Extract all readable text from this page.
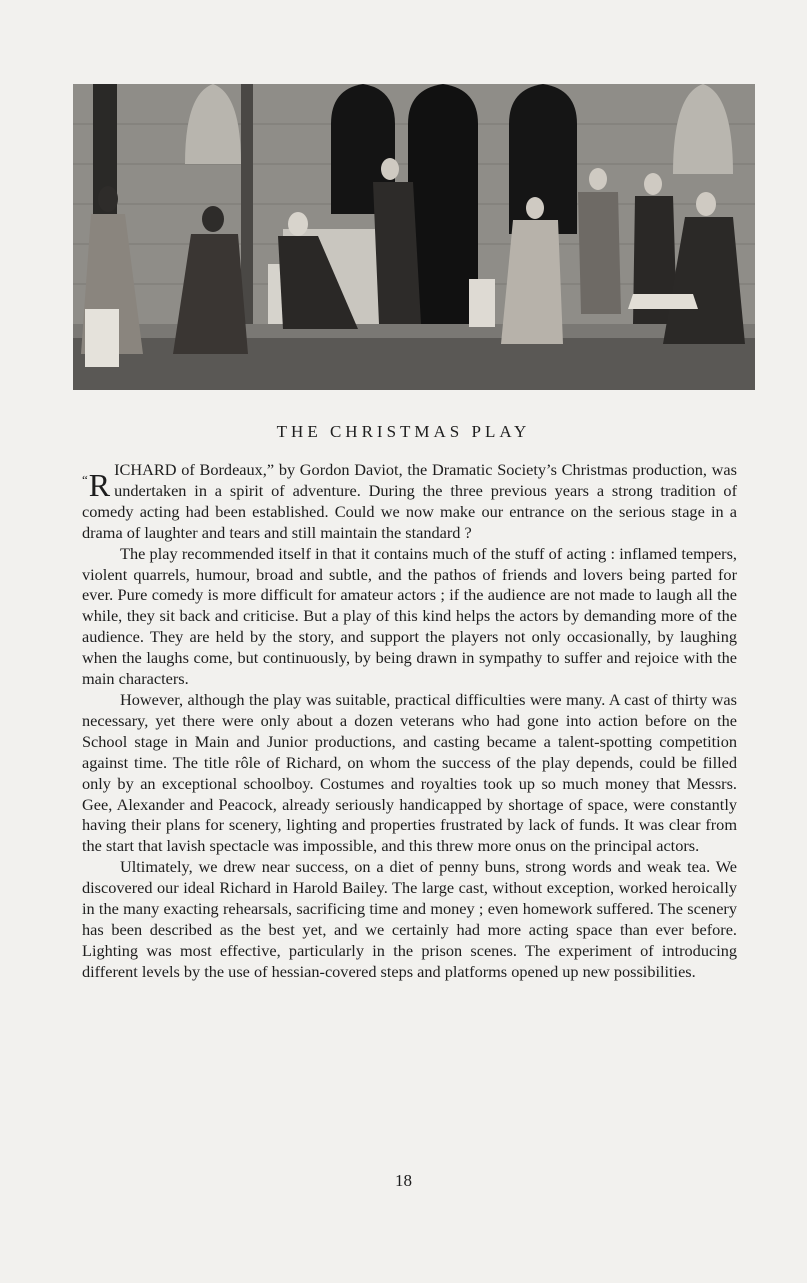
THE CHRISTMAS PLAY

“R ICHARD of Bordeaux,” by Gordon Daviot, the Dramatic Society’s Christmas production, was undertaken in a spirit of adventure. During the three previous years a strong tradition of comedy acting had been established. Could we now make our entrance on the serious stage in a drama of laughter and tears and still maintain the standard ?

The play recommended itself in that it contains much of the stuff of acting : inflamed tempers, violent quarrels, humour, broad and subtle, and the pathos of friends and lovers being parted for ever. Pure comedy is more difficult for amateur actors ; if the audience are not made to laugh all the while, they sit back and criticise. But a play of this kind helps the actors by demanding more of the audience. They are held by the story, and support the players not only occasionally, by laughing when the laughs come, but continuously, by being drawn in sympathy to suffer and rejoice with the main characters.

However, although the play was suitable, practical difficulties were many. A cast of thirty was necessary, yet there were only about a dozen veterans who had gone into action before on the School stage in Main and Junior productions, and casting became a talent-spotting competition against time. The title rôle of Richard, on whom the success of the play depends, could be filled only by an exceptional schoolboy. Costumes and royalties took up so much money that Messrs. Gee, Alexander and Peacock, already seriously handicapped by shortage of space, were constantly having their plans for scenery, lighting and properties frustrated by lack of funds. It was clear from the start that lavish spectacle was impossible, and this threw more onus on the principal actors.

Ultimately, we drew near success, on a diet of penny buns, strong words and weak tea. We discovered our ideal Richard in Harold Bailey. The large cast, without exception, worked heroically in the many exacting rehearsals, sacrificing time and money ; even homework suffered. The scenery has been described as the best yet, and we certainly had more acting space than ever before. Lighting was most effective, particularly in the prison scenes. The experiment of introducing different levels by the use of hessian-covered steps and platforms opened up new possibilities.

18
